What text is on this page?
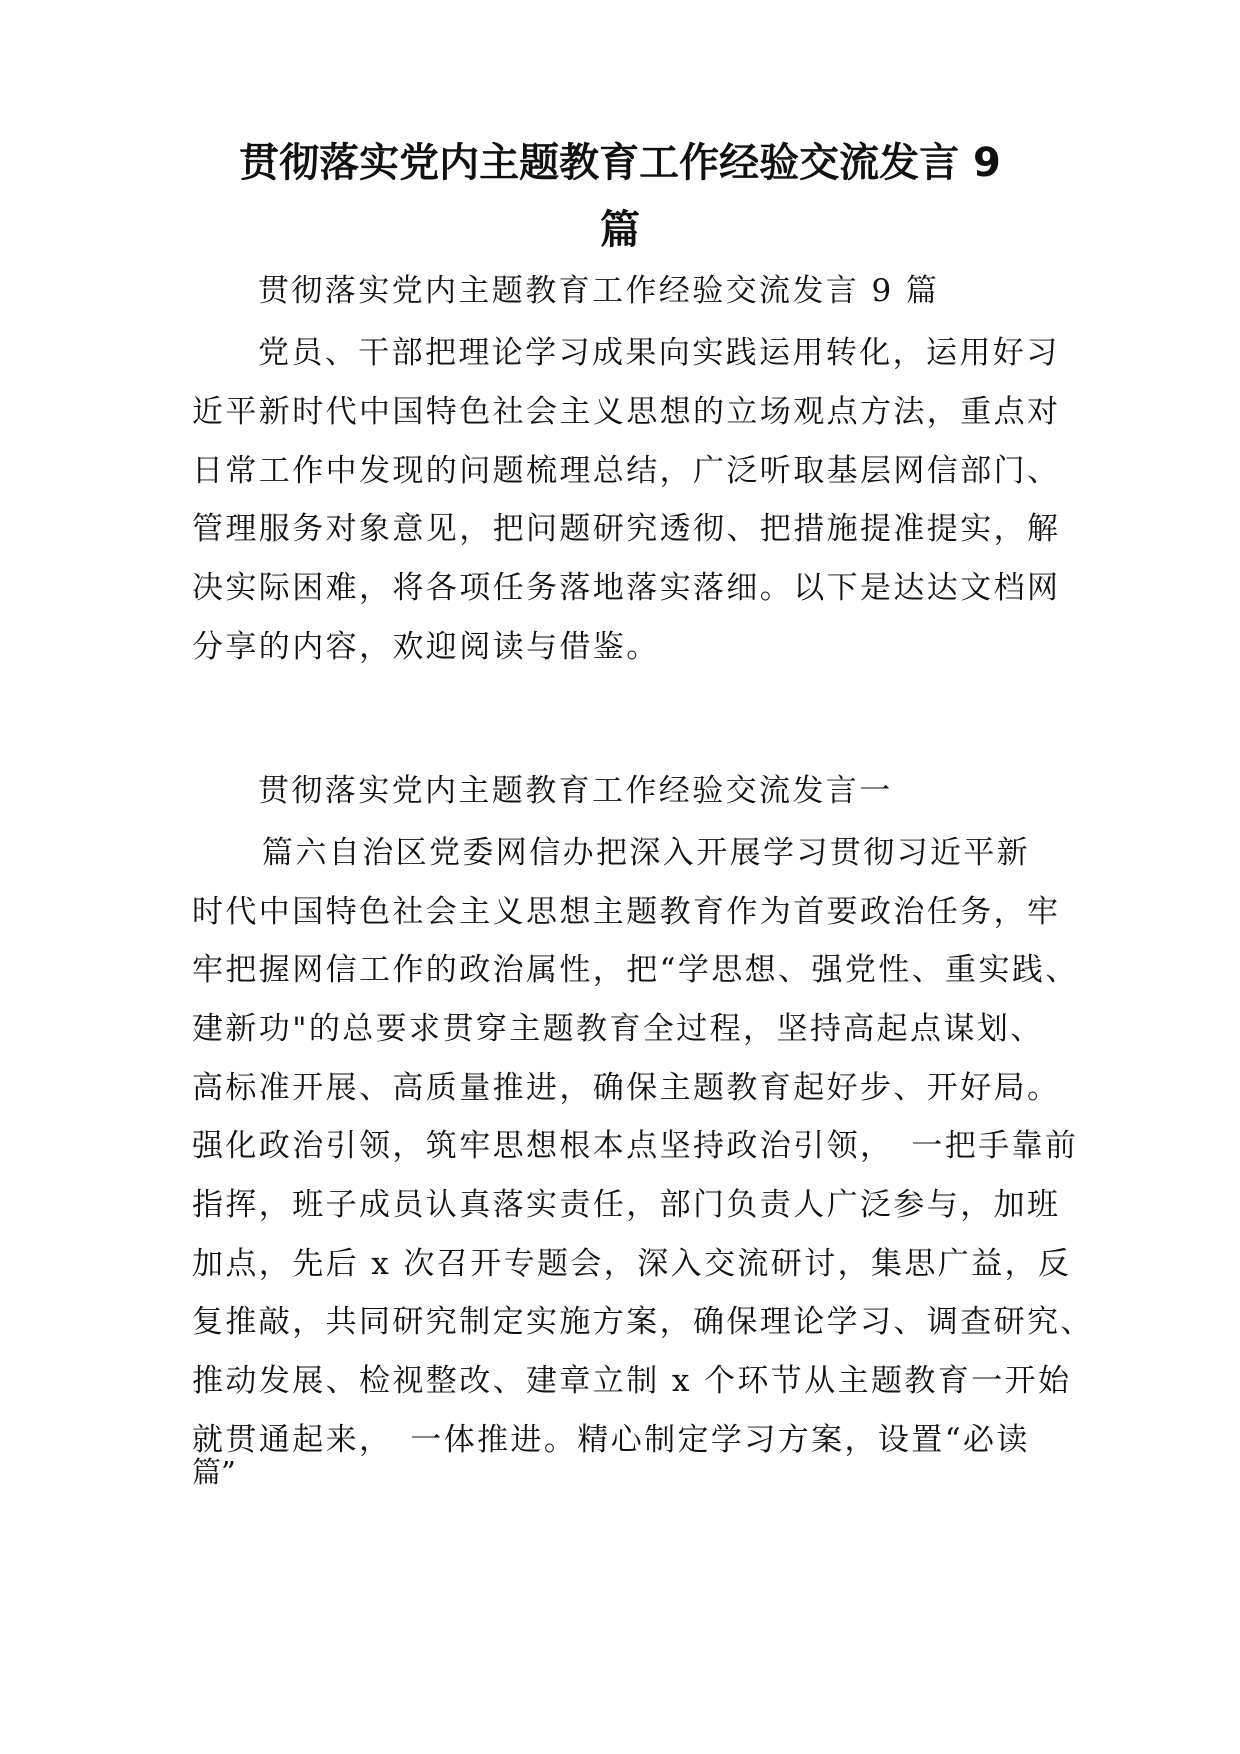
贯彻落实党内主题教育工作经验交流发言 9
篇
贯彻落实党内主题教育工作经验交流发言 9 篇
党员、干部把理论学习成果向实践运用转化，运用好习
近平新时代中国特色社会主义思想的立场观点方法，重点对
日常工作中发现的问题梳理总结，广泛听取基层网信部门、
管理服务对象意见，把问题研究透彻、把措施提准提实，解
决实际困难，将各项任务落地落实落细。以下是达达文档网
分享的内容，欢迎阅读与借鉴。
贯彻落实党内主题教育工作经验交流发言一
篇六自治区党委网信办把深入开展学习贯彻习近平新
时代中国特色社会主义思想主题教育作为首要政治任务，牢
牢把握网信工作的政治属性，把“学思想、强党性、重实践、
建新功"的总要求贯穿主题教育全过程，坚持高起点谋划、
高标准开展、高质量推进，确保主题教育起好步、开好局。
强化政治引领，筑牢思想根本点坚持政治引领，　一把手靠前
指挥，班子成员认真落实责任，部门负责人广泛参与，加班
加点，先后 x 次召开专题会，深入交流研讨，集思广益，反
复推敲，共同研究制定实施方案，确保理论学习、调查研究、
推动发展、检视整改、建章立制 x 个环节从主题教育一开始
就贯通起来，　一体推进。精心制定学习方案，设置“必读
篇”
